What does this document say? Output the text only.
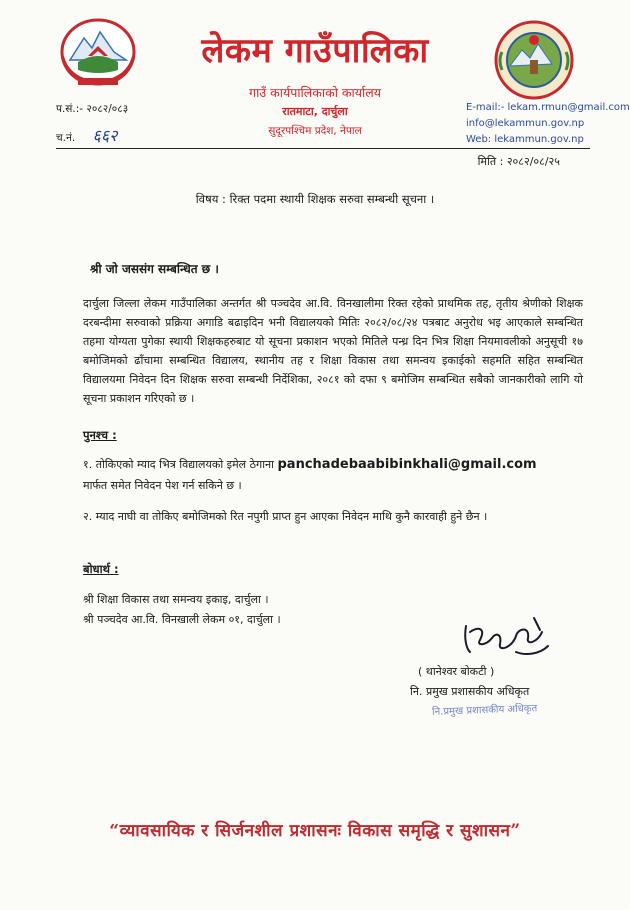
लेकम गाउँपालिका
गाउँ कार्यपालिकाको कार्यालय
रातमाटा, दार्चुला
सुदूरपश्चिम प्रदेश, नेपाल
प.सं.:- २०८२/०८३
च.नं. ६६२
E-mail:- lekam.rmun@gmail.com
info@lekammun.gov.np
Web: lekammun.gov.np
मिति : २०८२/०८/२५
विषय : रिक्त पदमा स्थायी शिक्षक सरुवा सम्बन्धी सूचना ।
श्री जो जससंग सम्बन्धित छ ।
दार्चुला जिल्ला लेकम गाउँपालिका अन्तर्गत श्री पञ्चदेव आ.वि. विनखालीमा रिक्त रहेको प्राथमिक तह, तृतीय श्रेणीको शिक्षक दरबन्दीमा सरुवाको प्रक्रिया अगाडि बढाइदिन भनी विद्यालयको मितिः २०८२/०८/२४ पत्रबाट अनुरोध भइ आएकाले सम्बन्धित तहमा योग्यता पुगेका स्थायी शिक्षकहरुबाट यो सूचना प्रकाशन भएको मितिले पन्ध्र दिन भित्र शिक्षा नियमावलीको अनुसूची १७ बमोजिमको ढाँचामा सम्बन्धित विद्यालय, स्थानीय तह र शिक्षा विकास तथा समन्वय इकाईको सहमति सहित सम्बन्धित विद्यालयमा निवेदन दिन शिक्षक सरुवा सम्बन्धी निर्देशिका, २०८१ को दफा ९ बमोजिम सम्बन्धित सबैको जानकारीको लागि यो सूचना प्रकाशन गरिएको छ ।
पुनश्च :
१. तोकिएको म्याद भित्र विद्यालयको इमेल ठेगाना panchadebaabibinkhali@gmail.com
मार्फत समेत निवेदन पेश गर्न सकिने छ ।
२. म्याद नाघी वा तोकिए बमोजिमको रित नपुगी प्राप्त हुन आएका निवेदन माथि कुनै कारवाही हुने छैन ।
बोधार्थ :
श्री शिक्षा विकास तथा समन्वय इकाइ, दार्चुला ।
श्री पञ्चदेव आ.वि. विनखाली लेकम ०१, दार्चुला ।
( थानेश्वर बोकटी )
नि. प्रमुख प्रशासकीय अधिकृत
नि.प्रमुख प्रशासकीय अधिकृत
“व्यावसायिक र सिर्जनशील प्रशासनः विकास समृद्धि र सुशासन”
